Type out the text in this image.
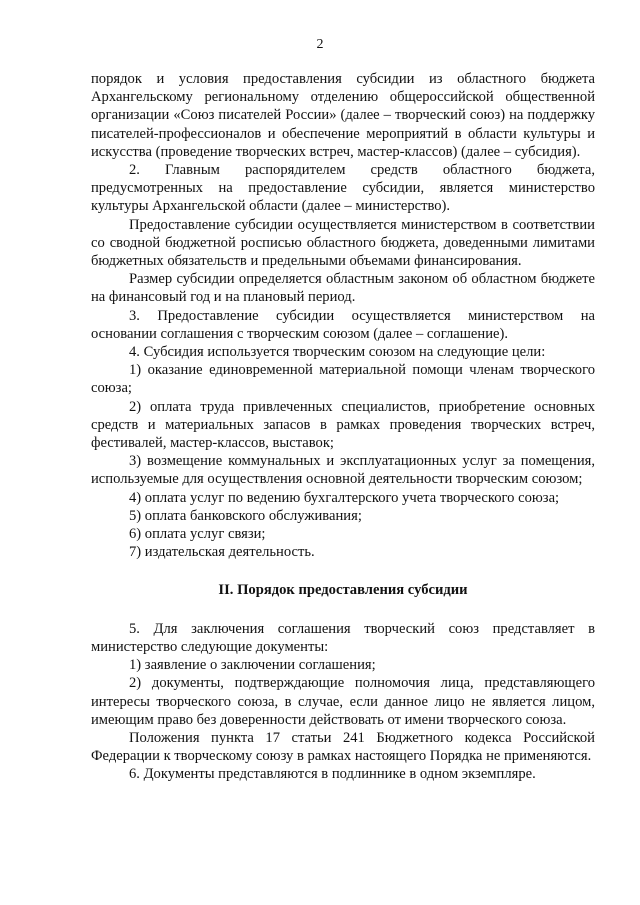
2

порядок и условия предоставления субсидии из областного бюджета Архангельскому региональному отделению общероссийской общественной организации «Союз писателей России» (далее – творческий союз) на поддержку писателей-профессионалов и обеспечение мероприятий в области культуры и искусства (проведение творческих встреч, мастер-классов) (далее – субсидия).

2. Главным распорядителем средств областного бюджета, предусмотренных на предоставление субсидии, является министерство культуры Архангельской области (далее – министерство).

Предоставление субсидии осуществляется министерством в соответствии со сводной бюджетной росписью областного бюджета, доведенными лимитами бюджетных обязательств и предельными объемами финансирования.

Размер субсидии определяется областным законом об областном бюджете на финансовый год и на плановый период.

3. Предоставление субсидии осуществляется министерством на основании соглашения с творческим союзом (далее – соглашение).

4. Субсидия используется творческим союзом на следующие цели:

1) оказание единовременной материальной помощи членам творческого союза;

2) оплата труда привлеченных специалистов, приобретение основных средств и материальных запасов в рамках проведения творческих встреч, фестивалей, мастер-классов, выставок;

3) возмещение коммунальных и эксплуатационных услуг за помещения, используемые для осуществления основной деятельности творческим союзом;

4) оплата услуг по ведению бухгалтерского учета творческого союза;

5) оплата банковского обслуживания;

6) оплата услуг связи;

7) издательская деятельность.

II. Порядок предоставления субсидии

5. Для заключения соглашения творческий союз представляет в министерство следующие документы:

1) заявление о заключении соглашения;

2) документы, подтверждающие полномочия лица, представляющего интересы творческого союза, в случае, если данное лицо не является лицом, имеющим право без доверенности действовать от имени творческого союза.

Положения пункта 17 статьи 241 Бюджетного кодекса Российской Федерации к творческому союзу в рамках настоящего Порядка не применяются.

6. Документы представляются в подлиннике в одном экземпляре.
